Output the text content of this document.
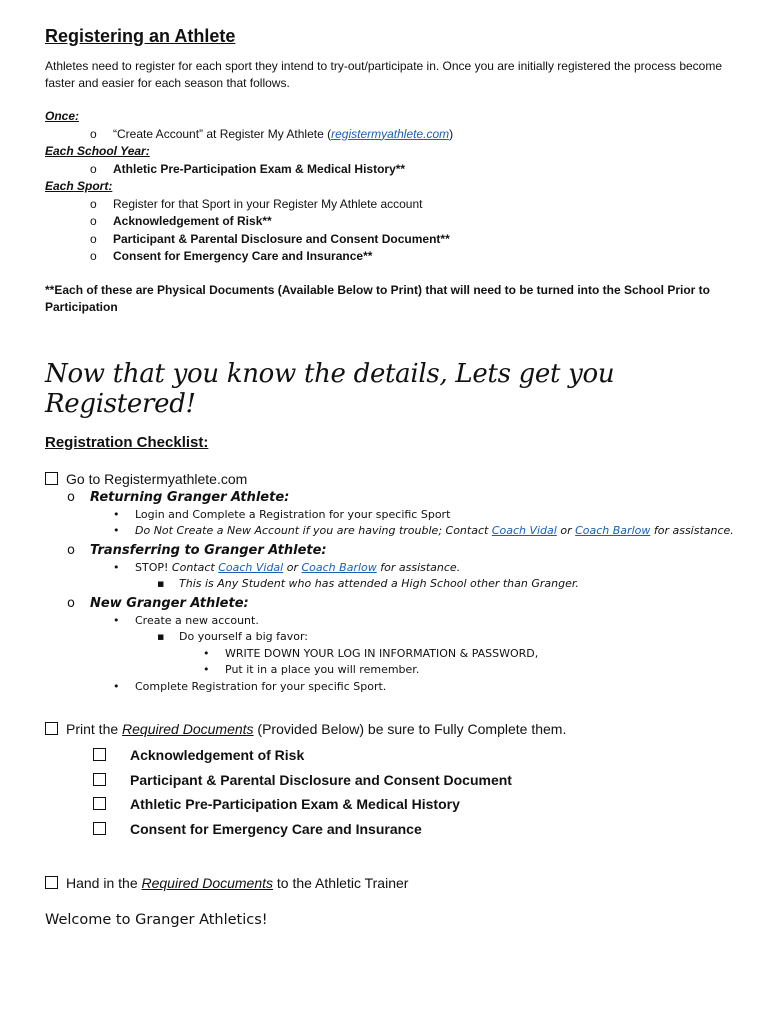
Registering an Athlete
Athletes need to register for each sport they intend to try-out/participate in. Once you are initially registered the process become faster and easier for each season that follows.
Once:
o	“Create Account” at Register My Athlete (registermyathlete.com)
Each School Year:
o	Athletic Pre-Participation Exam & Medical History**
Each Sport:
o	Register for that Sport in your Register My Athlete account
o	Acknowledgement of Risk**
o	Participant & Parental Disclosure and Consent Document**
o	Consent for Emergency Care and Insurance**
**Each of these are Physical Documents (Available Below to Print) that will need to be turned into the School Prior to Participation
Now that you know the details, Lets get you Registered!
Registration Checklist:
Go to Registermyathlete.com
o Returning Granger Athlete:
• Login and Complete a Registration for your specific Sport
• Do Not Create a New Account if you are having trouble; Contact Coach Vidal or Coach Barlow for assistance.
o Transferring to Granger Athlete:
• STOP! Contact Coach Vidal or Coach Barlow for assistance.
▪ This is Any Student who has attended a High School other than Granger.
o New Granger Athlete:
• Create a new account.
▪ Do yourself a big favor:
• WRITE DOWN YOUR LOG IN INFORMATION & PASSWORD,
• Put it in a place you will remember.
• Complete Registration for your specific Sport.
Print the Required Documents (Provided Below) be sure to Fully Complete them.
Acknowledgement of Risk
Participant & Parental Disclosure and Consent Document
Athletic Pre-Participation Exam & Medical History
Consent for Emergency Care and Insurance
Hand in the Required Documents to the Athletic Trainer
Welcome to Granger Athletics!
